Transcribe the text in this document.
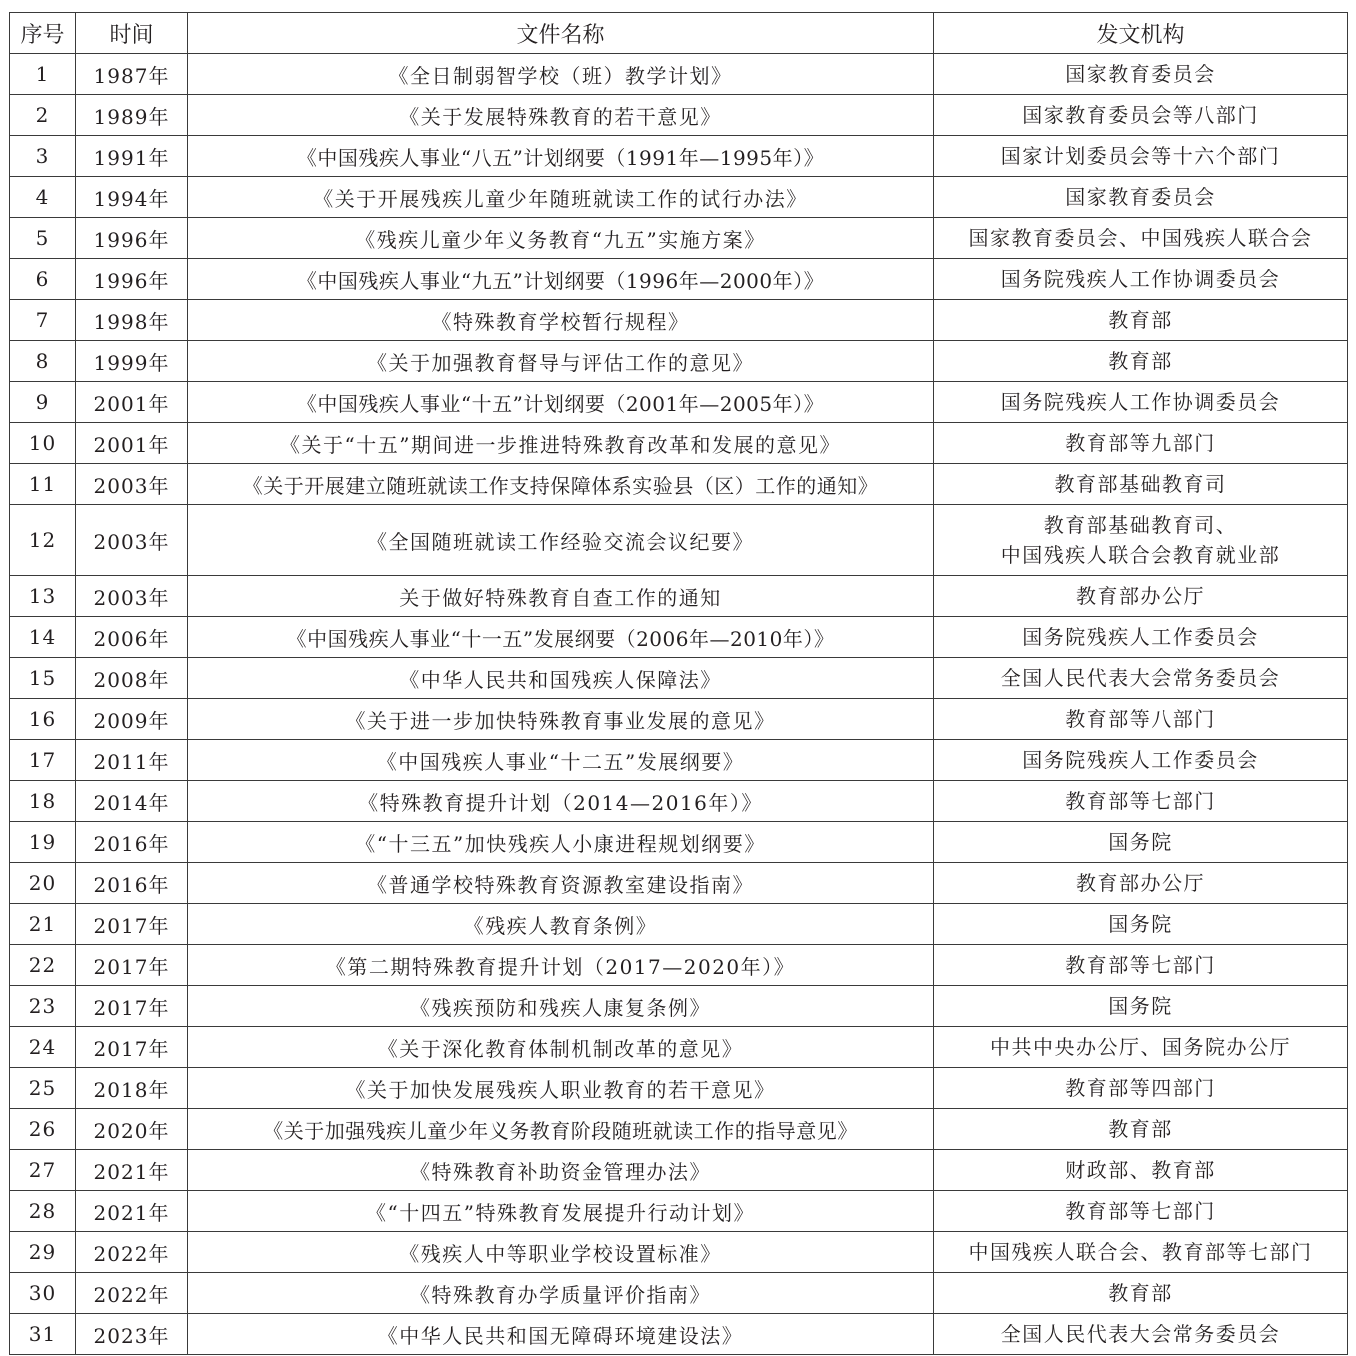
序号	时间	文件名称	发文机构
1	1987年	《全日制弱智学校（班）教学计划》	国家教育委员会

2	1989年	《关于发展特殊教育的若干意见》	国家教育委员会等八部门

3	1991年	《中国残疾人事业“八五”计划纲要（1991年—1995年）》	国家计划委员会等十六个部门

4	1994年	《关于开展残疾儿童少年随班就读工作的试行办法》	国家教育委员会

5	1996年	《残疾儿童少年义务教育“九五”实施方案》	国家教育委员会、中国残疾人联合会

6	1996年	《中国残疾人事业“九五”计划纲要（1996年—2000年）》	国务院残疾人工作协调委员会

7	1998年	《特殊教育学校暂行规程》	教育部

8	1999年	《关于加强教育督导与评估工作的意见》	教育部

9	2001年	《中国残疾人事业“十五”计划纲要（2001年—2005年）》	国务院残疾人工作协调委员会

10	2001年	《关于“十五”期间进一步推进特殊教育改革和发展的意见》	教育部等九部门

11	2003年	《关于开展建立随班就读工作支持保障体系实验县（区）工作的通知》	教育部基础教育司

12	2003年	《全国随班就读工作经验交流会议纪要》	教育部基础教育司、
中国残疾人联合会教育就业部

13	2003年	关于做好特殊教育自查工作的通知	教育部办公厅

14	2006年	《中国残疾人事业“十一五”发展纲要（2006年—2010年）》	国务院残疾人工作委员会

15	2008年	《中华人民共和国残疾人保障法》	全国人民代表大会常务委员会

16	2009年	《关于进一步加快特殊教育事业发展的意见》	教育部等八部门

17	2011年	《中国残疾人事业“十二五”发展纲要》	国务院残疾人工作委员会

18	2014年	《特殊教育提升计划（2014—2016年）》	教育部等七部门

19	2016年	《“十三五”加快残疾人小康进程规划纲要》	国务院

20	2016年	《普通学校特殊教育资源教室建设指南》	教育部办公厅

21	2017年	《残疾人教育条例》	国务院

22	2017年	《第二期特殊教育提升计划（2017—2020年）》	教育部等七部门

23	2017年	《残疾预防和残疾人康复条例》	国务院

24	2017年	《关于深化教育体制机制改革的意见》	中共中央办公厅、国务院办公厅

25	2018年	《关于加快发展残疾人职业教育的若干意见》	教育部等四部门

26	2020年	《关于加强残疾儿童少年义务教育阶段随班就读工作的指导意见》	教育部

27	2021年	《特殊教育补助资金管理办法》	财政部、教育部

28	2021年	《“十四五”特殊教育发展提升行动计划》	教育部等七部门

29	2022年	《残疾人中等职业学校设置标准》	中国残疾人联合会、教育部等七部门

30	2022年	《特殊教育办学质量评价指南》	教育部

31	2023年	《中华人民共和国无障碍环境建设法》	全国人民代表大会常务委员会
